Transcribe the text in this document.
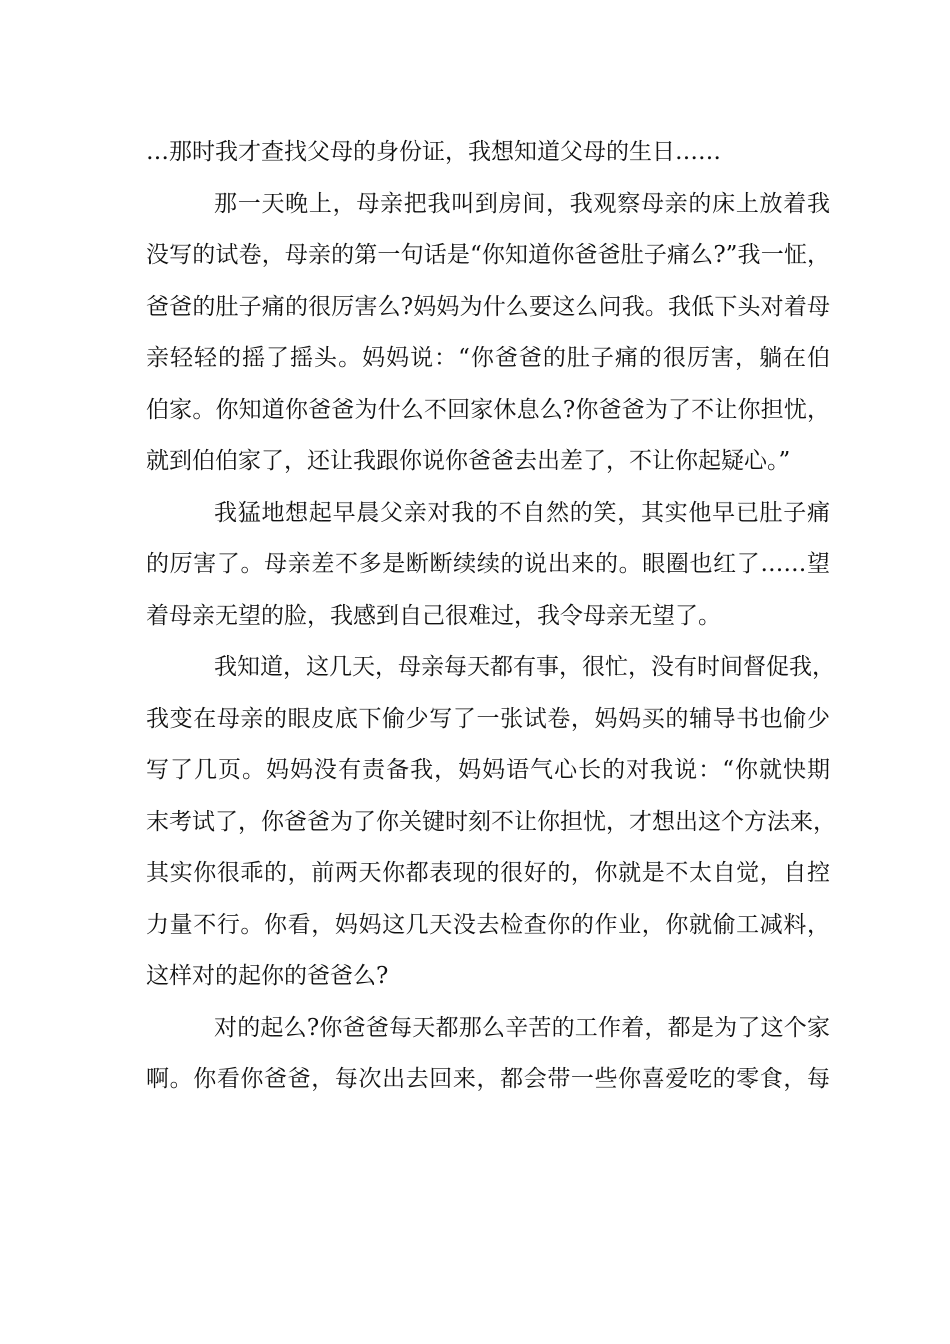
…那时我才查找父母的身份证，我想知道父母的生日……
那一天晚上，母亲把我叫到房间，我观察母亲的床上放着我
没写的试卷，母亲的第一句话是“你知道你爸爸肚子痛么?”我一怔，
爸爸的肚子痛的很厉害么?妈妈为什么要这么问我。我低下头对着母
亲轻轻的摇了摇头。妈妈说：“你爸爸的肚子痛的很厉害，躺在伯
伯家。你知道你爸爸为什么不回家休息么?你爸爸为了不让你担忧，
就到伯伯家了，还让我跟你说你爸爸去出差了，不让你起疑心。”
我猛地想起早晨父亲对我的不自然的笑，其实他早已肚子痛
的厉害了。母亲差不多是断断续续的说出来的。眼圈也红了……望
着母亲无望的脸，我感到自己很难过，我令母亲无望了。
我知道，这几天，母亲每天都有事，很忙，没有时间督促我，
我变在母亲的眼皮底下偷少写了一张试卷，妈妈买的辅导书也偷少
写了几页。妈妈没有责备我，妈妈语气心长的对我说：“你就快期
末考试了，你爸爸为了你关键时刻不让你担忧，才想出这个方法来，
其实你很乖的，前两天你都表现的很好的，你就是不太自觉，自控
力量不行。你看，妈妈这几天没去检查你的作业，你就偷工减料，
这样对的起你的爸爸么?
对的起么?你爸爸每天都那么辛苦的工作着，都是为了这个家
啊。你看你爸爸，每次出去回来，都会带一些你喜爱吃的零食，每
